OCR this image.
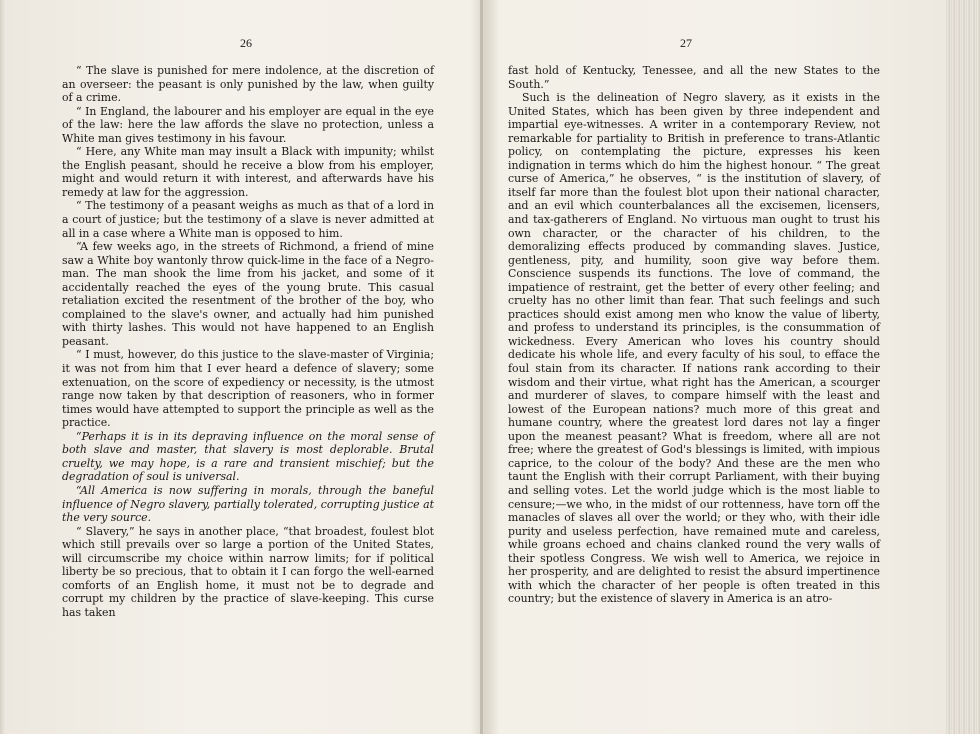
26	27

“ The slave is punished for mere indolence, at the discretion of an overseer: the peasant is only punished by the law, when guilty of a crime.

“ In England, the labourer and his employer are equal in the eye of the law: here the law affords the slave no protection, unless a White man gives testimony in his favour.

“ Here, any White man may insult a Black with impunity; whilst the English peasant, should he receive a blow from his employer, might and would return it with interest, and afterwards have his remedy at law for the aggression.

“ The testimony of a peasant weighs as much as that of a lord in a court of justice; but the testimony of a slave is never admitted at all in a case where a White man is opposed to him.

“A few weeks ago, in the streets of Richmond, a friend of mine saw a White boy wantonly throw quick-lime in the face of a Negro-man. The man shook the lime from his jacket, and some of it accidentally reached the eyes of the young brute. This casual retaliation excited the resentment of the brother of the boy, who complained to the slave's owner, and actually had him punished with thirty lashes. This would not have happened to an English peasant.

“ I must, however, do this justice to the slave-master of Virginia; it was not from him that I ever heard a defence of slavery; some extenuation, on the score of expediency or necessity, is the utmost range now taken by that description of reasoners, who in former times would have attempted to support the principle as well as the practice.

“Perhaps it is in its depraving influence on the moral sense of both slave and master, that slavery is most deplorable. Brutal cruelty, we may hope, is a rare and transient mischief; but the degradation of soul is universal.

“All America is now suffering in morals, through the baneful influence of Negro slavery, partially tolerated, corrupting justice at the very source.

“ Slavery,” he says in another place, “that broadest, foulest blot which still prevails over so large a portion of the United States, will circumscribe my choice within narrow limits; for if political liberty be so precious, that to obtain it I can forgo the well-earned comforts of an English home, it must not be to degrade and corrupt my children by the practice of slave-keeping. This curse has taken

fast hold of Kentucky, Tenessee, and all the new States to the South.”

Such is the delineation of Negro slavery, as it exists in the United States, which has been given by three independent and impartial eye-witnesses. A writer in a contemporary Review, not remarkable for partiality to British in preference to trans-Atlantic policy, on contemplating the picture, expresses his keen indignation in terms which do him the highest honour. “ The great curse of America,” he observes, “ is the institution of slavery, of itself far more than the foulest blot upon their national character, and an evil which counterbalances all the excisemen, licensers, and tax-gatherers of England. No virtuous man ought to trust his own character, or the character of his children, to the demoralizing effects produced by commanding slaves. Justice, gentleness, pity, and humility, soon give way before them. Conscience suspends its functions. The love of command, the impatience of restraint, get the better of every other feeling; and cruelty has no other limit than fear. That such feelings and such practices should exist among men who know the value of liberty, and profess to understand its principles, is the consummation of wickedness. Every American who loves his country should dedicate his whole life, and every faculty of his soul, to efface the foul stain from its character. If nations rank according to their wisdom and their virtue, what right has the American, a scourger and murderer of slaves, to compare himself with the least and lowest of the European nations? much more of this great and humane country, where the greatest lord dares not lay a finger upon the meanest peasant? What is freedom, where all are not free; where the greatest of God's blessings is limited, with impious caprice, to the colour of the body? And these are the men who taunt the English with their corrupt Parliament, with their buying and selling votes. Let the world judge which is the most liable to censure;—we who, in the midst of our rottenness, have torn off the manacles of slaves all over the world; or they who, with their idle purity and useless perfection, have remained mute and careless, while groans echoed and chains clanked round the very walls of their spotless Congress. We wish well to America, we rejoice in her prosperity, and are delighted to resist the absurd impertinence with which the character of her people is often treated in this country; but the existence of slavery in America is an atro-
